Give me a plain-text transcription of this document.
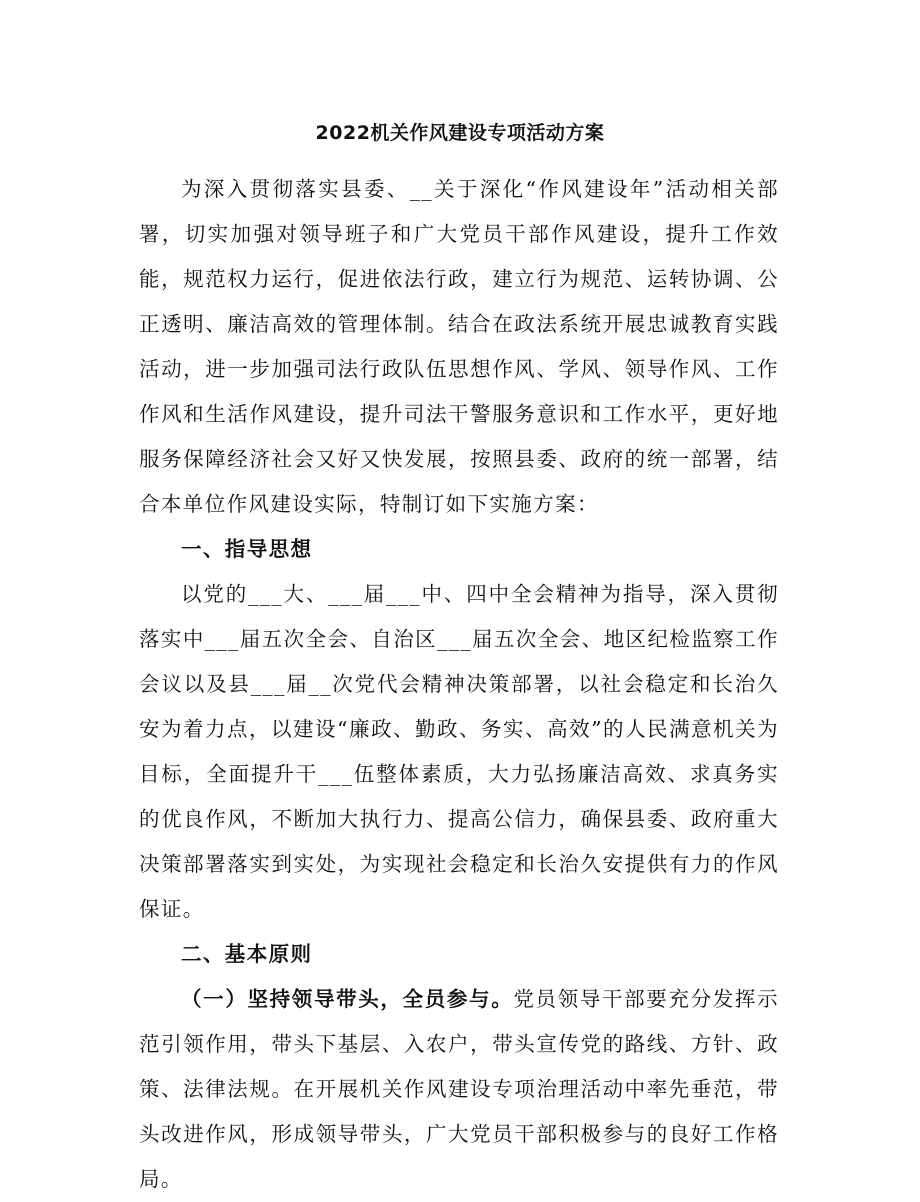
2022机关作风建设专项活动方案

为深入贯彻落实县委、__关于深化“作风建设年”活动相关部署，切实加强对领导班子和广大党员干部作风建设，提升工作效能，规范权力运行，促进依法行政，建立行为规范、运转协调、公正透明、廉洁高效的管理体制。结合在政法系统开展忠诚教育实践活动，进一步加强司法行政队伍思想作风、学风、领导作风、工作作风和生活作风建设，提升司法干警服务意识和工作水平，更好地服务保障经济社会又好又快发展，按照县委、政府的统一部署，结合本单位作风建设实际，特制订如下实施方案：

一、指导思想

以党的___大、___届___中、四中全会精神为指导，深入贯彻落实中___届五次全会、自治区___届五次全会、地区纪检监察工作会议以及县___届__次党代会精神决策部署，以社会稳定和长治久安为着力点，以建设“廉政、勤政、务实、高效”的人民满意机关为目标，全面提升干___伍整体素质，大力弘扬廉洁高效、求真务实的优良作风，不断加大执行力、提高公信力，确保县委、政府重大决策部署落实到实处，为实现社会稳定和长治久安提供有力的作风保证。

二、基本原则

（一）坚持领导带头，全员参与。党员领导干部要充分发挥示范引领作用，带头下基层、入农户，带头宣传党的路线、方针、政策、法律法规。在开展机关作风建设专项治理活动中率先垂范，带头改进作风，形成领导带头，广大党员干部积极参与的良好工作格局。
